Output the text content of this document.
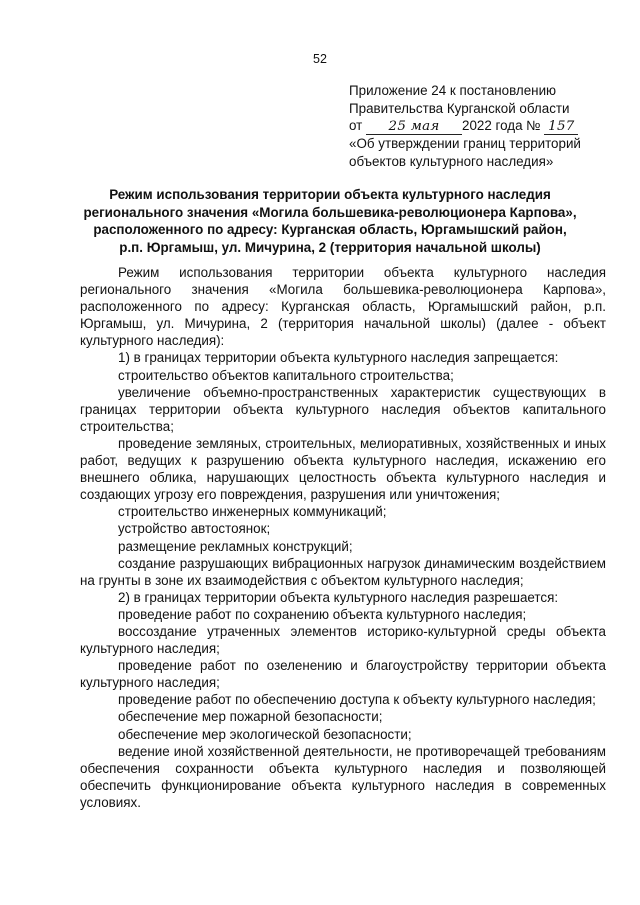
52
Приложение 24 к постановлению
Правительства Курганской области
от 25 мая 2022 года № 157
«Об утверждении границ территорий
объектов культурного наследия»
Режим использования территории объекта культурного наследия
регионального значения «Могила большевика-революционера Карпова»,
расположенного по адресу: Курганская область, Юргамышский район,
р.п. Юргамыш, ул. Мичурина, 2 (территория начальной школы)

Режим использования территории объекта культурного наследия регионального значения «Могила большевика-революционера Карпова», расположенного по адресу: Курганская область, Юргамышский район, р.п. Юргамыш, ул. Мичурина, 2 (территория начальной школы) (далее - объект культурного наследия):

1) в границах территории объекта культурного наследия запрещается:

строительство объектов капитального строительства;

увеличение объемно-пространственных характеристик существующих в границах территории объекта культурного наследия объектов капитального строительства;

проведение земляных, строительных, мелиоративных, хозяйственных и иных работ, ведущих к разрушению объекта культурного наследия, искажению его внешнего облика, нарушающих целостность объекта культурного наследия и создающих угрозу его повреждения, разрушения или уничтожения;

строительство инженерных коммуникаций;

устройство автостоянок;

размещение рекламных конструкций;

создание разрушающих вибрационных нагрузок динамическим воздействием на грунты в зоне их взаимодействия с объектом культурного наследия;

2) в границах территории объекта культурного наследия разрешается:

проведение работ по сохранению объекта культурного наследия;

воссоздание утраченных элементов историко-культурной среды объекта культурного наследия;

проведение работ по озеленению и благоустройству территории объекта культурного наследия;

проведение работ по обеспечению доступа к объекту культурного наследия;

обеспечение мер пожарной безопасности;

обеспечение мер экологической безопасности;

ведение иной хозяйственной деятельности, не противоречащей требованиям обеспечения сохранности объекта культурного наследия и позволяющей обеспечить функционирование объекта культурного наследия в современных условиях.
